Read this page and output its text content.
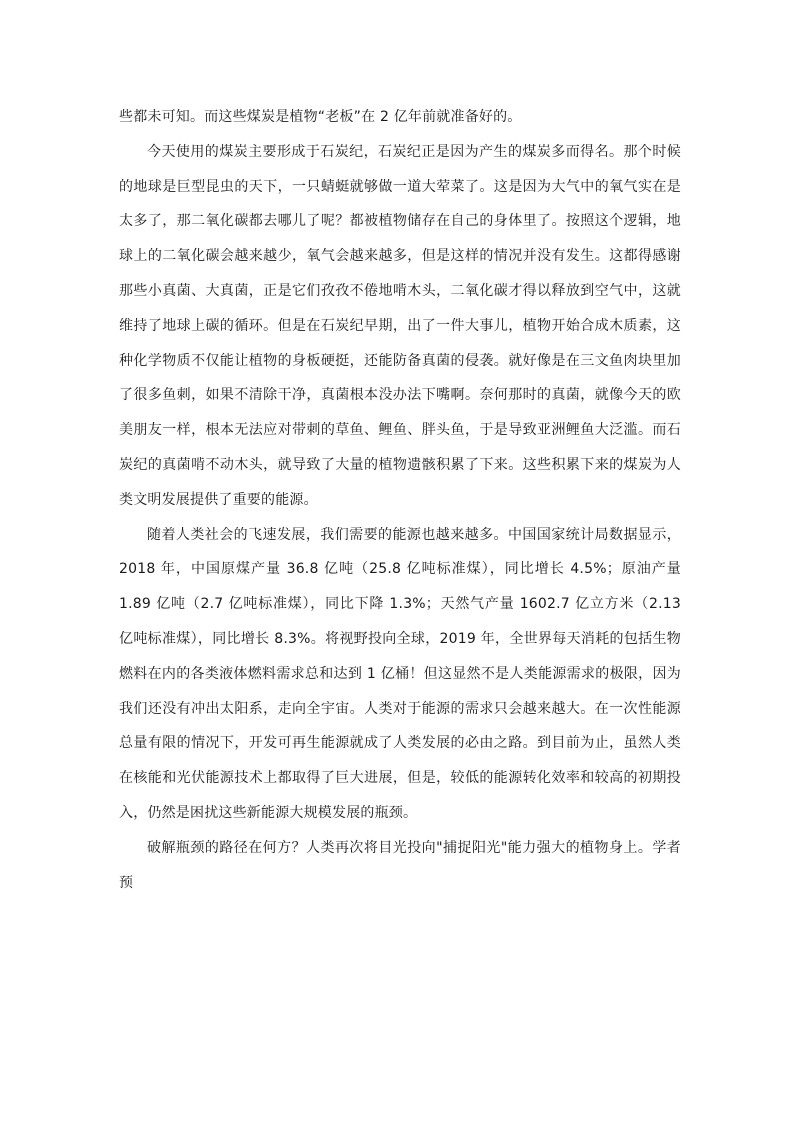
些都未可知。而这些煤炭是植物“老板”在 2 亿年前就准备好的。

今天使用的煤炭主要形成于石炭纪，石炭纪正是因为产生的煤炭多而得名。那个时候的地球是巨型昆虫的天下，一只蜻蜓就够做一道大荤菜了。这是因为大气中的氧气实在是太多了，那二氧化碳都去哪儿了呢？都被植物储存在自己的身体里了。按照这个逻辑，地球上的二氧化碳会越来越少，氧气会越来越多，但是这样的情况并没有发生。这都得感谢那些小真菌、大真菌，正是它们孜孜不倦地啃木头，二氧化碳才得以释放到空气中，这就维持了地球上碳的循环。但是在石炭纪早期，出了一件大事儿，植物开始合成木质素，这种化学物质不仅能让植物的身板硬挺，还能防备真菌的侵袭。就好像是在三文鱼肉块里加了很多鱼刺，如果不清除干净，真菌根本没办法下嘴啊。奈何那时的真菌，就像今天的欧美朋友一样，根本无法应对带刺的草鱼、鲤鱼、胖头鱼，于是导致亚洲鲤鱼大泛滥。而石炭纪的真菌啃不动木头，就导致了大量的植物遗骸积累了下来。这些积累下来的煤炭为人类文明发展提供了重要的能源。

随着人类社会的飞速发展，我们需要的能源也越来越多。中国国家统计局数据显示，2018 年，中国原煤产量 36.8 亿吨（25.8 亿吨标准煤），同比增长 4.5%；原油产量 1.89 亿吨（2.7 亿吨标准煤），同比下降 1.3%；天然气产量 1602.7 亿立方米（2.13 亿吨标准煤），同比增长 8.3%。将视野投向全球，2019 年，全世界每天消耗的包括生物燃料在内的各类液体燃料需求总和达到 1 亿桶！但这显然不是人类能源需求的极限，因为我们还没有冲出太阳系，走向全宇宙。人类对于能源的需求只会越来越大。在一次性能源总量有限的情况下，开发可再生能源就成了人类发展的必由之路。到目前为止，虽然人类在核能和光伏能源技术上都取得了巨大进展，但是，较低的能源转化效率和较高的初期投入，仍然是困扰这些新能源大规模发展的瓶颈。

破解瓶颈的路径在何方？人类再次将目光投向"捕捉阳光"能力强大的植物身上。学者预
